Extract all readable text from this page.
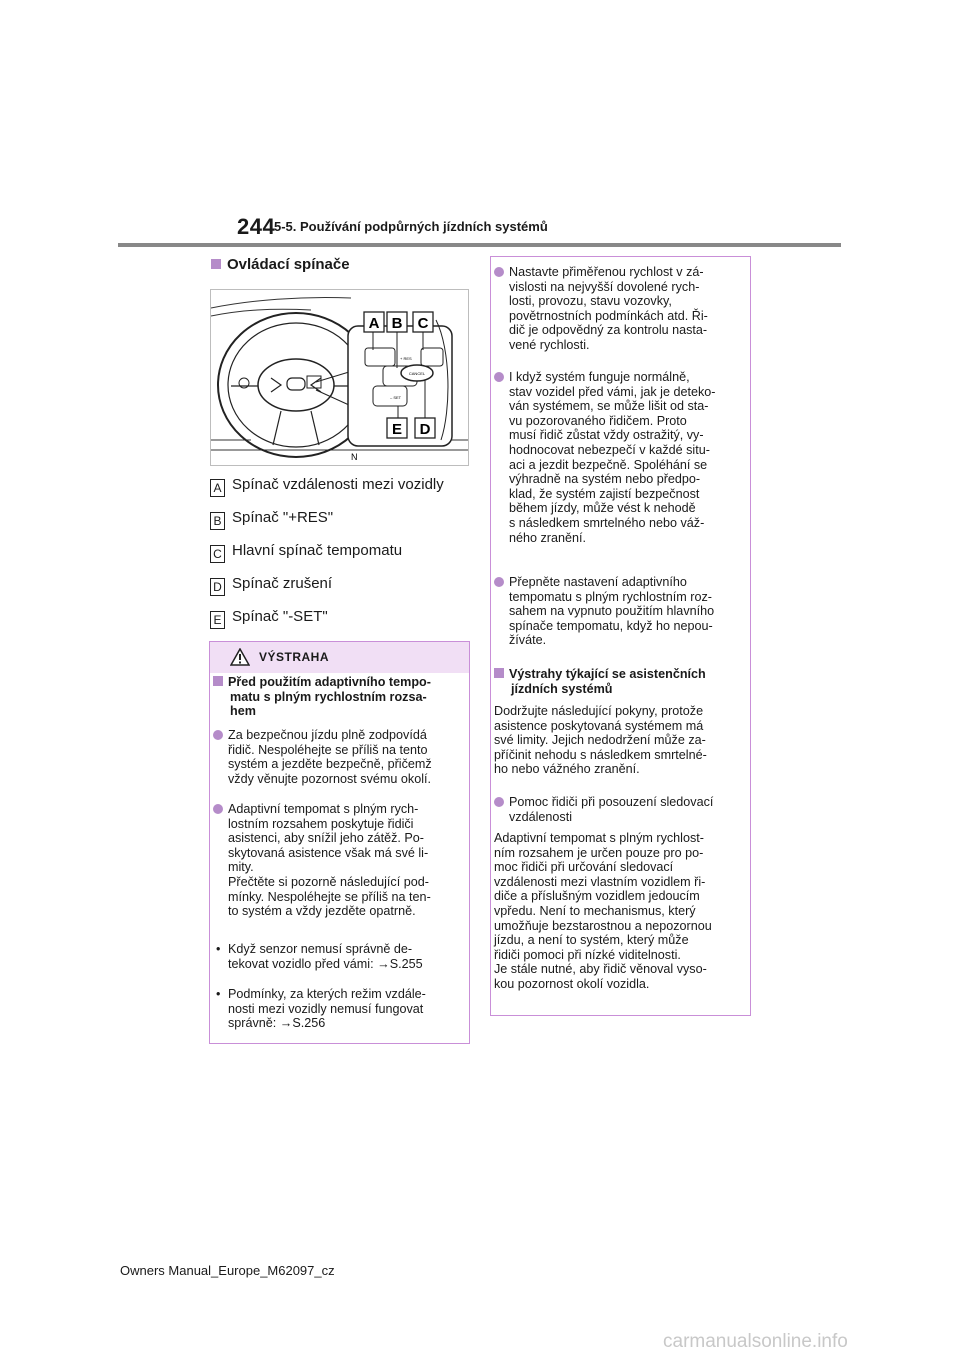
244
5-5. Používání podpůrných jízdních systémů
Ovládací spínače
A B C
E D
+ RES
– SET
CANCEL
N
A Spínač vzdálenosti mezi vozidly
B Spínač "+RES"
C Hlavní spínač tempomatu
D Spínač zrušení
E Spínač "-SET"
VÝSTRAHA
Před použitím adaptivního tempo-
matu s plným rychlostním rozsa-
hem
Za bezpečnou jízdu plně zodpovídá
řidič. Nespoléhejte se příliš na tento
systém a jezděte bezpečně, přičemž
vždy věnujte pozornost svému okolí.
Adaptivní tempomat s plným rych-
lostním rozsahem poskytuje řidiči
asistenci, aby snížil jeho zátěž. Po-
skytovaná asistence však má své li-
mity.
Přečtěte si pozorně následující pod-
mínky. Nespoléhejte se příliš na ten-
to systém a vždy jezděte opatrně.
• Když senzor nemusí správně de-
tekovat vozidlo před vámi: →S.255
• Podmínky, za kterých režim vzdále-
nosti mezi vozidly nemusí fungovat
správně: →S.256
Nastavte přiměřenou rychlost v zá-
vislosti na nejvyšší dovolené rych-
losti, provozu, stavu vozovky,
povětrnostních podmínkách atd. Ři-
dič je odpovědný za kontrolu nasta-
vené rychlosti.
I když systém funguje normálně,
stav vozidel před vámi, jak je deteko-
ván systémem, se může lišit od sta-
vu pozorovaného řidičem. Proto
musí řidič zůstat vždy ostražitý, vy-
hodnocovat nebezpečí v každé situ-
aci a jezdit bezpečně. Spoléhání se
výhradně na systém nebo předpo-
klad, že systém zajistí bezpečnost
během jízdy, může vést k nehodě
s následkem smrtelného nebo váž-
ného zranění.
Přepněte nastavení adaptivního
tempomatu s plným rychlostním roz-
sahem na vypnuto použitím hlavního
spínače tempomatu, když ho nepou-
žíváte.
Výstrahy týkající se asistenčních
jízdních systémů
Dodržujte následující pokyny, protože
asistence poskytovaná systémem má
své limity. Jejich nedodržení může za-
příčinit nehodu s následkem smrtelné-
ho nebo vážného zranění.
Pomoc řidiči při posouzení sledovací
vzdálenosti
Adaptivní tempomat s plným rychlost-
ním rozsahem je určen pouze pro po-
moc řidiči při určování sledovací
vzdálenosti mezi vlastním vozidlem ři-
diče a příslušným vozidlem jedoucím
vpředu. Není to mechanismus, který
umožňuje bezstarostnou a nepozornou
jízdu, a není to systém, který může
řidiči pomoci při nízké viditelnosti.
Je stále nutné, aby řidič věnoval vyso-
kou pozornost okolí vozidla.
Owners Manual_Europe_M62097_cz
carmanualsonline.info
